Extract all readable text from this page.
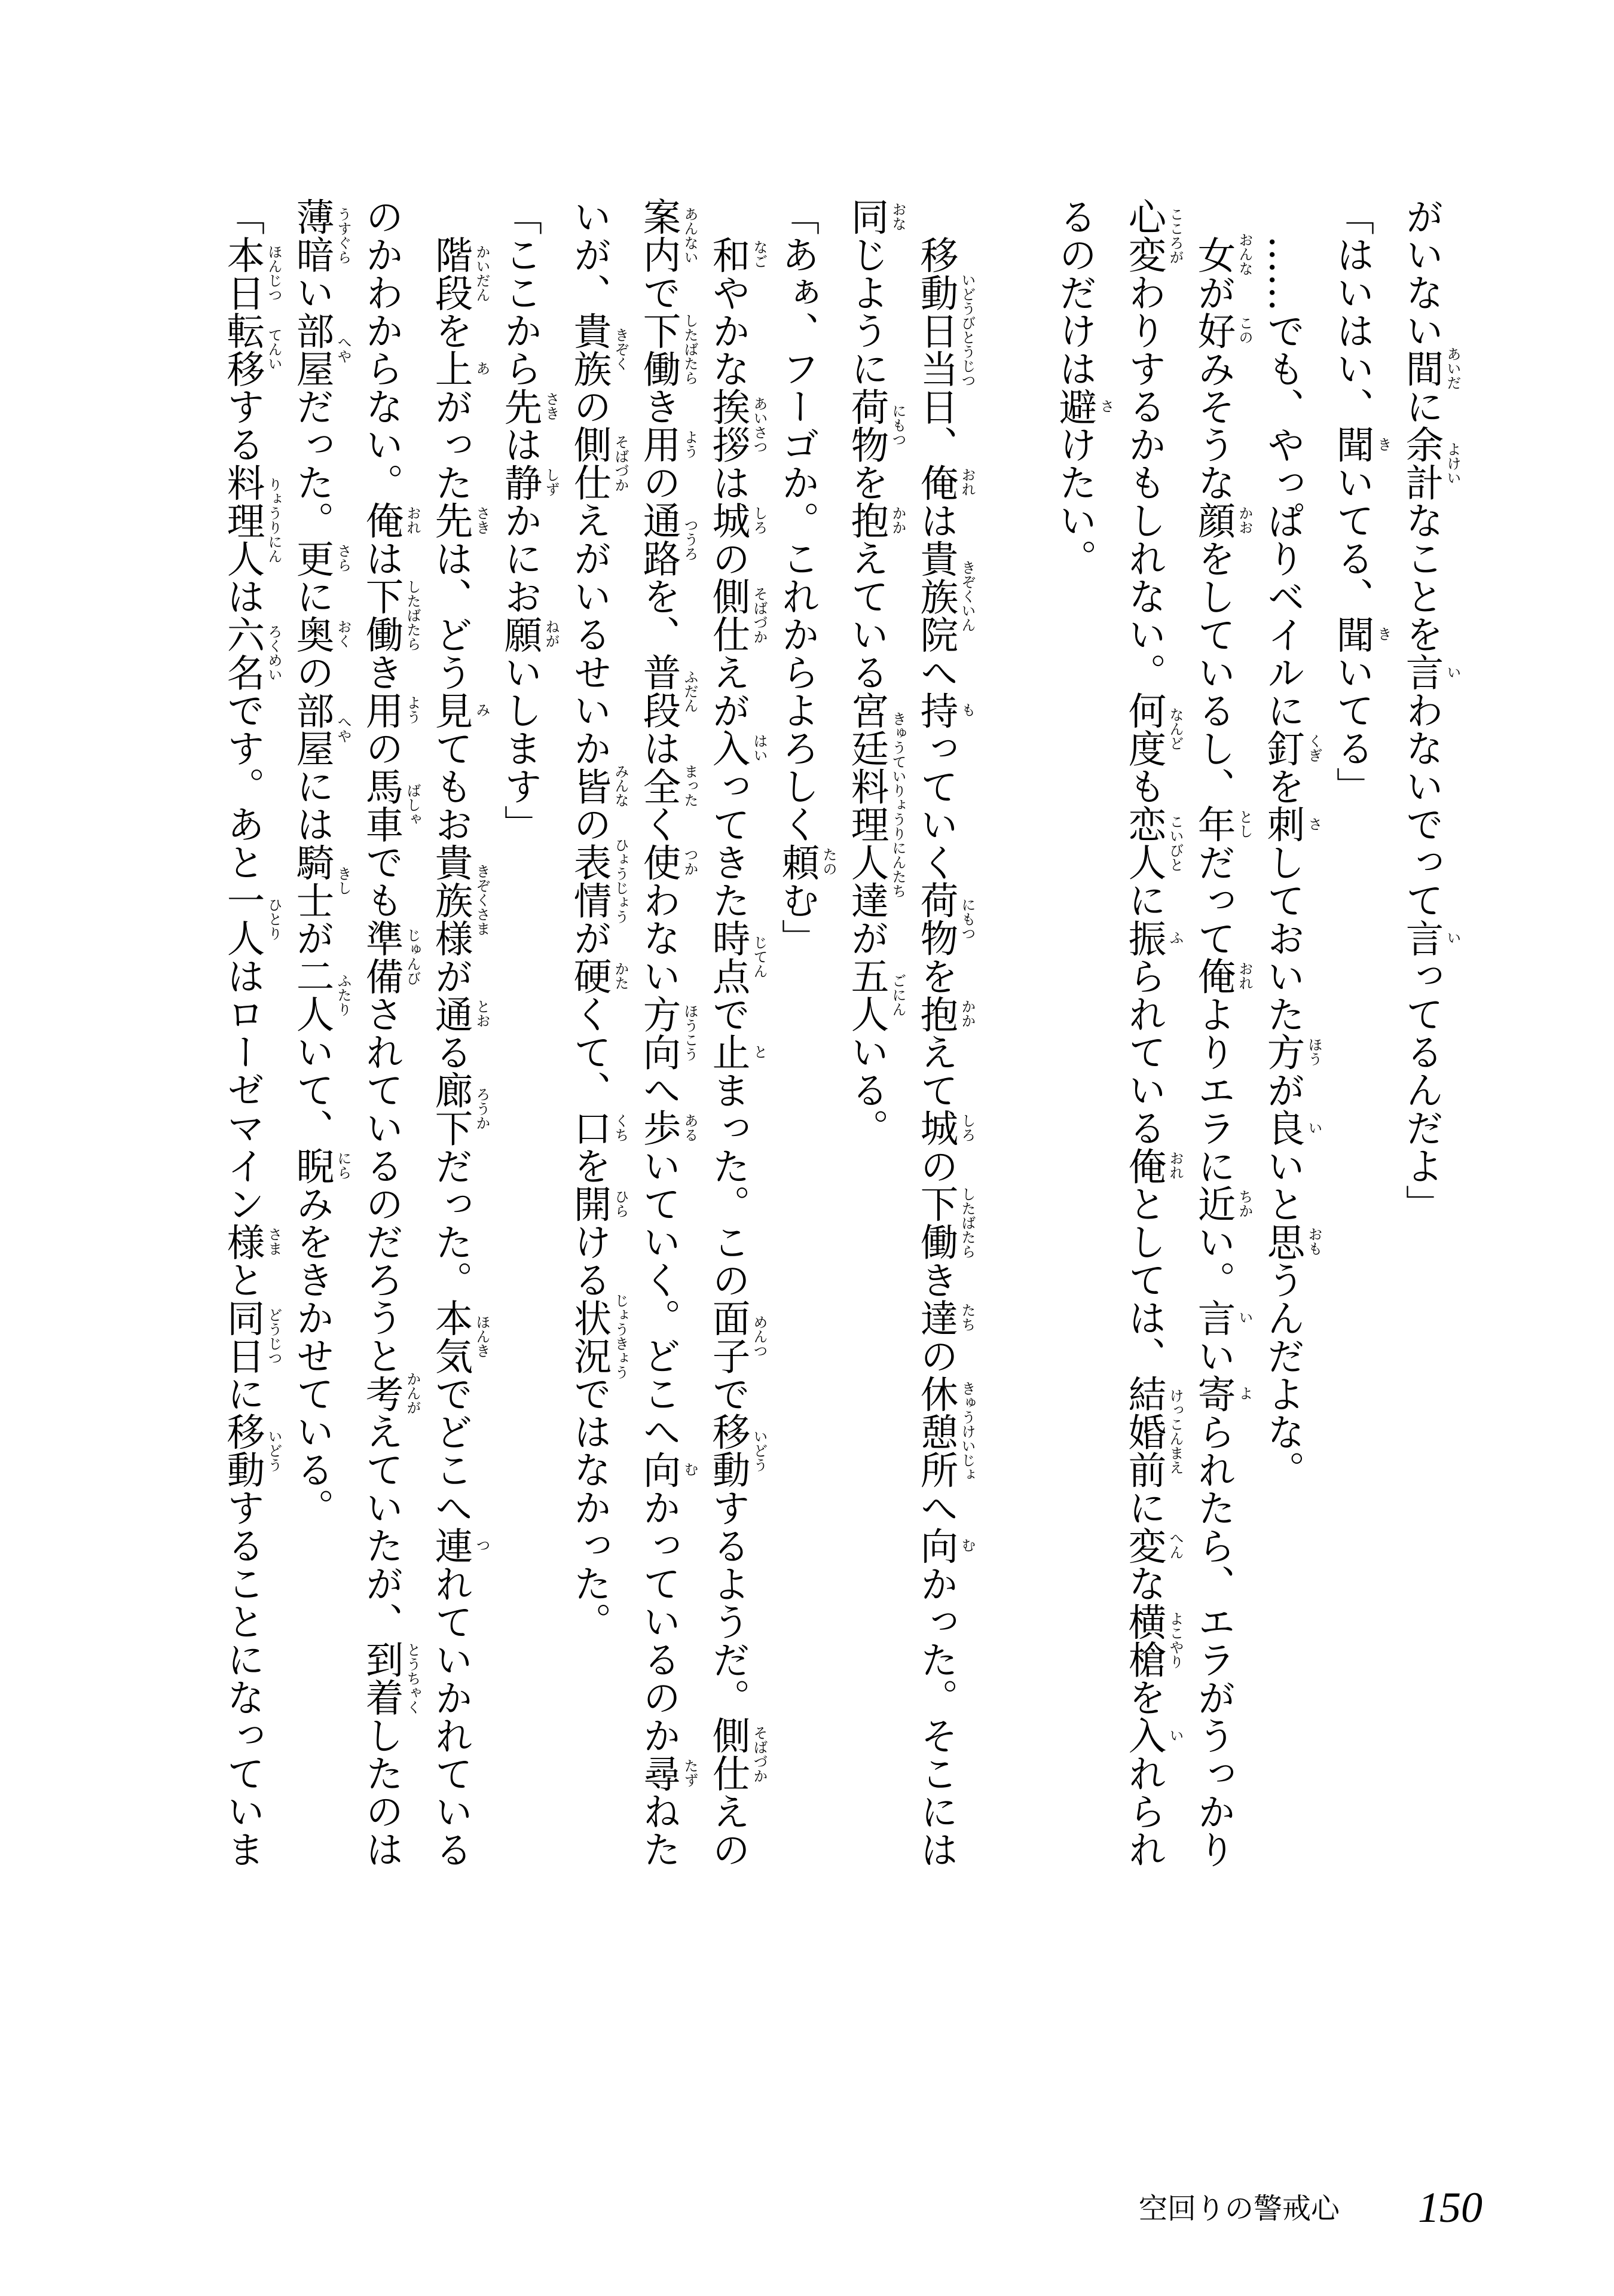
がいない間 あいだ
に余計 よけい
なことを言 い
わないでって言 い
ってるんだよ」
「はいはい、聞 き
いてる、聞 き
いてる」
……でも、やっぱりベイルに釘 くぎ
を刺 さ
しておいた方 ほう
が良 い
いと思 おも
うんだよな。
女 おんな
が好 この
みそうな顔 かお
をしているし、年 とし
だって俺 おれ
よりエラに近 ちか
い。言 い
い寄 よ
られたら、エラがうっかり
心変 こころが
わりするかもしれない。何度 なんど
も恋人 こいびと
に振 ふ
られている俺 おれ
としては、結婚前 けっこんまえ
に変 へん
な横槍 よこやり
を入 い
れられ
るのだけは避 さ
けたい。
移動日当日 いどうびとうじつ
、俺 おれ
は貴族院 きぞくいん
へ持 も
っていく荷物 にもつ
を抱 かか
えて城 しろ
の下働 したばたら
き達 たち
の休憩所 きゅうけいじょ
へ向 む
かった。そこには
同 おな
じように荷物 にもつ
を抱 かか
えている宮廷料理人達 きゅうていりょうりにんたち
が五人 ごにん
いる。
「あぁ、フーゴか。これからよろしく頼 たの
む」
和 なご
やかな挨拶 あいさつ
は城 しろ
の側仕 そばづか
えが入 はい
ってきた時点 じてん
で止 と
まった。この面子 めんつ
で移動 いどう
するようだ。側仕 そばづか
えの
案内 あんない
で下働 したばたら
き用 よう
の通路 つうろ
を、普段 ふだん
は全 まった
く使 つか
わない方向 ほうこう
へ歩 ある
いていく。どこへ向 む
かっているのか尋 たず
ねた
いが、貴族 きぞく
の側仕 そばづか
えがいるせいか皆 みんな
の表情 ひょうじょう
が硬 かた
くて、口 くち
を開 ひら
ける状況 じょうきょう
ではなかった。
「ここから先 さき
は静 しず
かにお願 ねが
いします」
階段 かいだん
を上 あ
がった先 さき
は、どう見 み
てもお貴族様 きぞくさま
が通 とお
る廊下 ろうか
だった。本気 ほんき
でどこへ連 つ
れていかれている
のかわからない。俺 おれ
は下働 したばたら
き用 よう
の馬車 ばしゃ
でも準備 じゅんび
されているのだろうと考 かんが
えていたが、到着 とうちゃく
したのは
薄暗 うすぐら
い部屋 へや
だった。更 さら
に奥 おく
の部屋 へや
には騎士 きし
が二人 ふたり
いて、睨 にら
みをきかせている。
「本日 ほんじつ
転移 てんい
する料理人 りょうりにん
は六名 ろくめい
です。あと一人 ひとり
はローゼマイン様 さま
と同日 どうじつ
に移動 いどう
することになっていま
空回りの警戒心 150
